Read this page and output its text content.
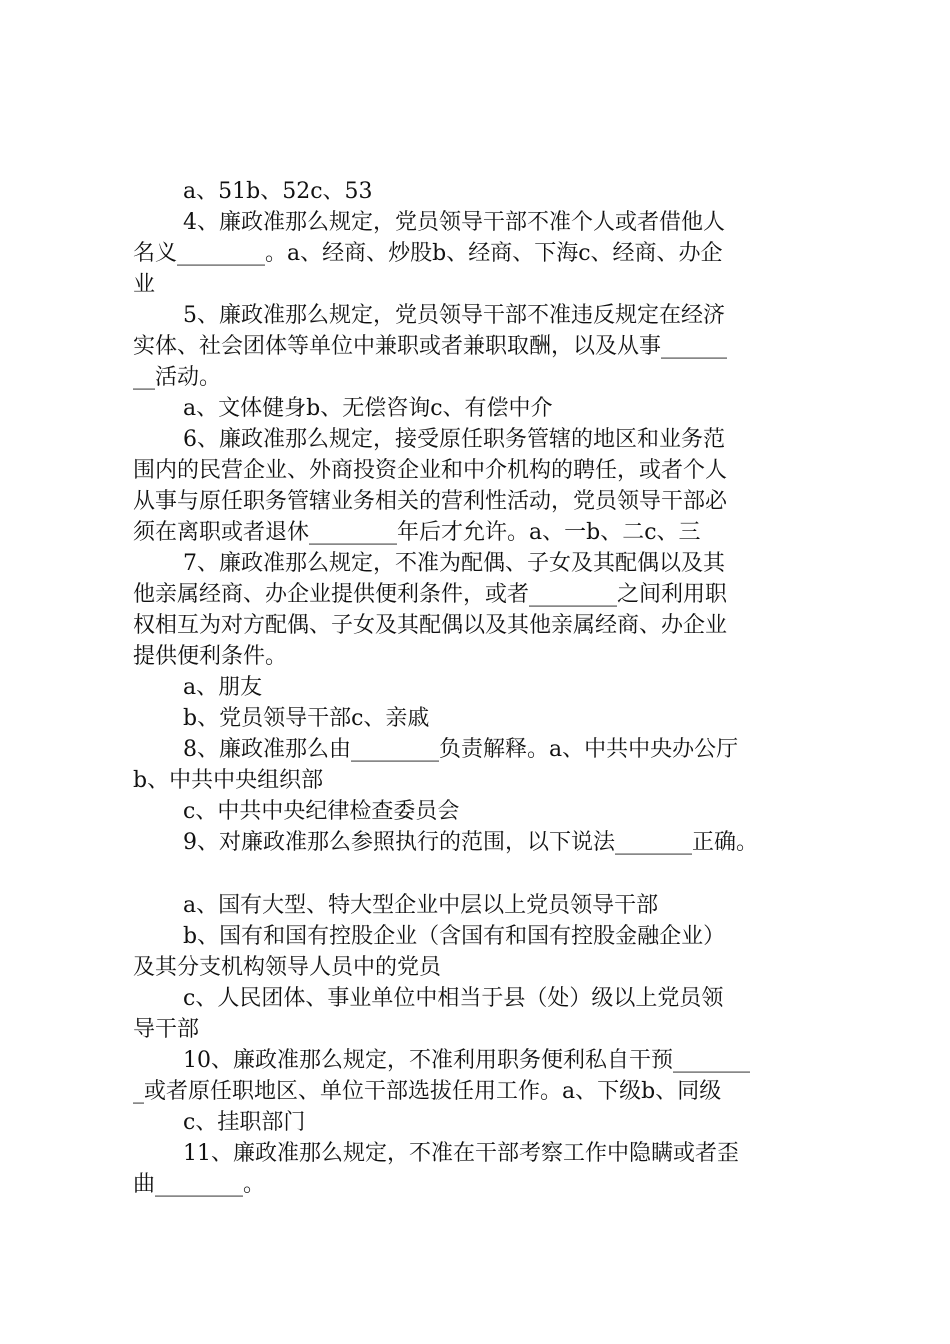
a、51b、52c、53
4、廉政准那么规定，党员领导干部不准个人或者借他人
名义________。a、经商、炒股b、经商、下海c、经商、办企
业
5、廉政准那么规定，党员领导干部不准违反规定在经济
实体、社会团体等单位中兼职或者兼职取酬，以及从事______
__活动。
a、文体健身b、无偿咨询c、有偿中介
6、廉政准那么规定，接受原任职务管辖的地区和业务范
围内的民营企业、外商投资企业和中介机构的聘任，或者个人
从事与原任职务管辖业务相关的营利性活动，党员领导干部必
须在离职或者退休________年后才允许。a、一b、二c、三
7、廉政准那么规定，不准为配偶、子女及其配偶以及其
他亲属经商、办企业提供便利条件，或者________之间利用职
权相互为对方配偶、子女及其配偶以及其他亲属经商、办企业
提供便利条件。
a、朋友
b、党员领导干部c、亲戚
8、廉政准那么由________负责解释。a、中共中央办公厅
b、中共中央组织部
c、中共中央纪律检查委员会
9、对廉政准那么参照执行的范围，以下说法_______正确。
a、国有大型、特大型企业中层以上党员领导干部
b、国有和国有控股企业（含国有和国有控股金融企业）
及其分支机构领导人员中的党员
c、人民团体、事业单位中相当于县（处）级以上党员领
导干部
10、廉政准那么规定，不准利用职务便利私自干预_______
_或者原任职地区、单位干部选拔任用工作。a、下级b、同级
c、挂职部门
11、廉政准那么规定，不准在干部考察工作中隐瞒或者歪
曲________。
